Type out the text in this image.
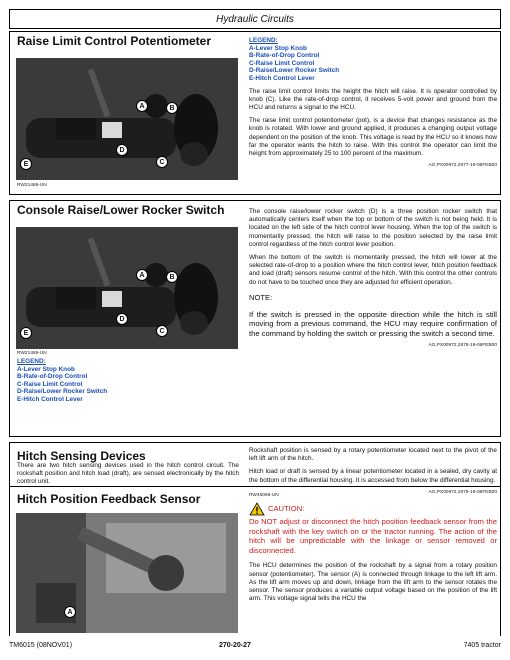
Hydraulic Circuits
Raise Limit Control Potentiometer
A	B
D
C
E
RW21486-UN
LEGEND:
A-Lever Stop Knob
B-Rate-of-Drop Control
C-Raise Limit Control
D-Raise/Lower Rocker Switch
E-Hitch Control Lever

The raise limit control limits the height the hitch will raise. It is operator controlled by knob (C). Like the rate-of-drop control, it receives 5-volt power and ground from the HCU and returns a signal to the HCU.

The raise limit control potentiometer (pot), is a device that changes resistance as the knob is rotated. With lower and ground applied, it produces a changing output voltage dependent on the position of the knob. This voltage is read by the HCU so it knows how far the operator wants the hitch to raise. With this control the operator can limit the height from approximately 25 to 100 percent of the maximum.

AG,PX00972,2877-19-06FEB00
Console Raise/Lower Rocker Switch
A	B
D
C
E
RW21486-UN
LEGEND:
A-Lever Stop Knob
B-Rate-of-Drop Control
C-Raise Limit Control
D-Raise/Lower Rocker Switch
E-Hitch Control Lever

The console raise/lower rocker switch (D) is a three position rocker switch that automatically centers itself when the top or bottom of the switch is not being held. It is located on the left side of the hitch control lever housing. When the top of the switch is momentarily pressed, the hitch will raise to the position selected by the raise limit control regardless of the hitch control lever position.

When the bottom of the switch is momentarily pressed, the hitch will lower at the selected rate-of-drop to a position where the hitch control lever, hitch position feedback and load (draft) sensors resume control of the hitch. With this control the other controls do not have to be touched once they are adjusted for efficient operation.

NOTE:
If the switch is pressed in the opposite direction while the hitch is still moving from a previous command, the HCU may require confirmation of the command by holding the switch or pressing the switch a second time.
AG,PX00972,2878-19-06FEB00
Hitch Sensing Devices

There are two hitch sensing devices used in the hitch control circuit. The rockshaft position and hitch load (draft), are sensed electronically by the hitch control unit.

Rockshaft position is sensed by a rotary potentiometer located next to the pivot of the left lift arm of the hitch.

Hitch load or draft is sensed by a linear potentiometer located in a sealed, dry cavity at the bottom of the differential housing. It is accessed from below the differential housing.

AG,PX00972,2879-19-06FEB00
Hitch Position Feedback Sensor
A
RW45095-UN
CAUTION:
Do NOT adjust or disconnect the hitch position feedback sensor from the rockshaft with the key switch on or the tractor running. The action of the hitch will be unpredictable with the linkage or sensor removed or disconnected.

The HCU determines the position of the rockshaft by a signal from a rotary position sensor (potentiometer). The sensor (A) is connected through linkage to the left lift arm. As the lift arm moves up and down, linkage from the lift arm to the sensor rotates the sensor. The sensor produces a variable output voltage based on the position of the lift arm. This voltage signal tells the HCU the

TM6015 (08NOV01)	270-20-27	7405 tractor
